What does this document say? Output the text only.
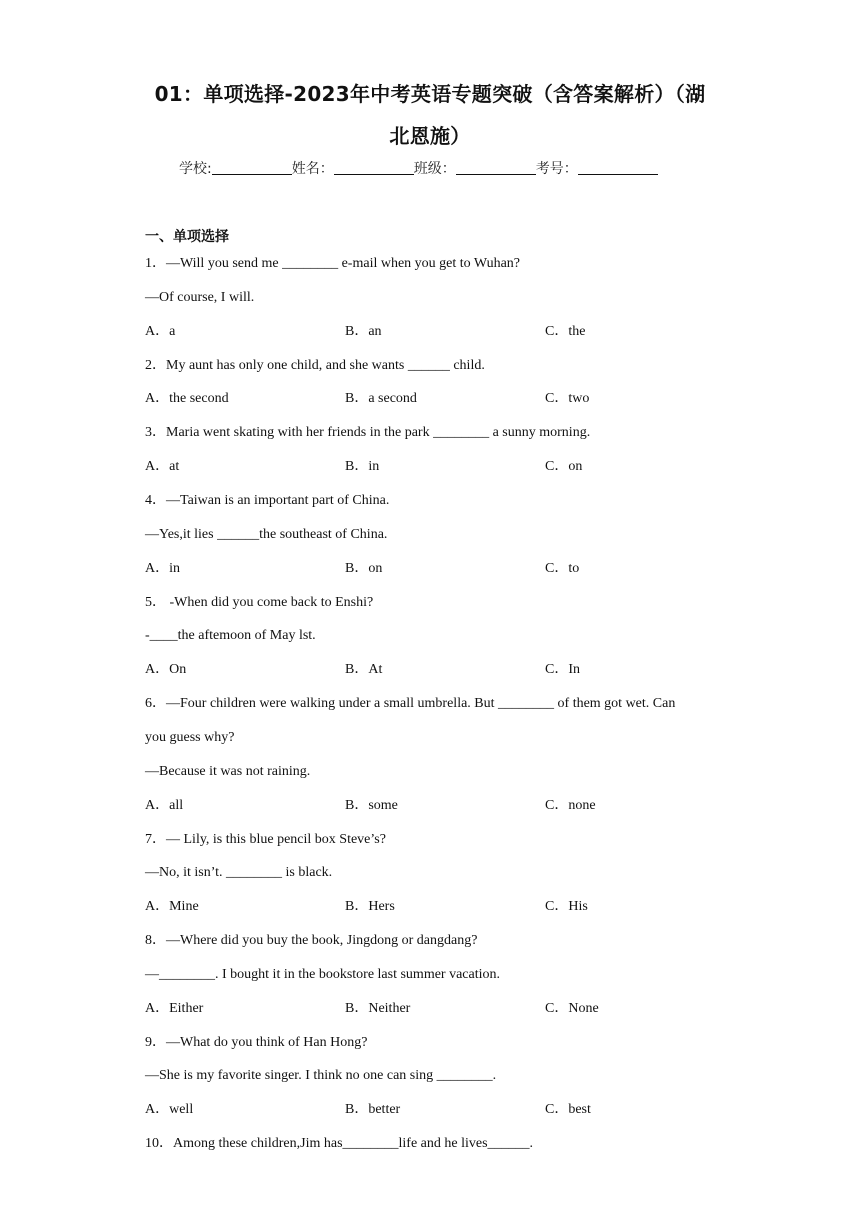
01：单项选择-2023年中考英语专题突破（含答案解析）（湖
北恩施）
学校:	姓名：	班级：	考号：
一、单项选择
1．—Will you send me ________ e-mail when you get to Wuhan?
—Of course, I will.
A．a	B．an	C．the
2．My aunt has only one child, and she wants ______ child.
A．the second	B．a second	C．two
3．Maria went skating with her friends in the park ________ a sunny morning.
A．at	B．in	C．on
4．—Taiwan is an important part of China.
—Yes,it lies ______the southeast of China.
A．in	B．on	C．to
5． -When did you come back to Enshi?
-____the aftemoon of May lst.
A．On	B．At	C．In
6．—Four children were walking under a small umbrella. But ________ of them got wet. Can
you guess why?
—Because it was not raining.
A．all	B．some	C．none
7．— Lily, is this blue pencil box Steve’s?
—No, it isn’t. ________ is black.
A．Mine	B．Hers	C．His
8．—Where did you buy the book, Jingdong or dangdang?
—________. I bought it in the bookstore last summer vacation.
A．Either	B．Neither	C．None
9．—What do you think of Han Hong?
—She is my favorite singer. I think no one can sing ________.
A．well	B．better	C．best
10．Among these children,Jim has________life and he lives______.
